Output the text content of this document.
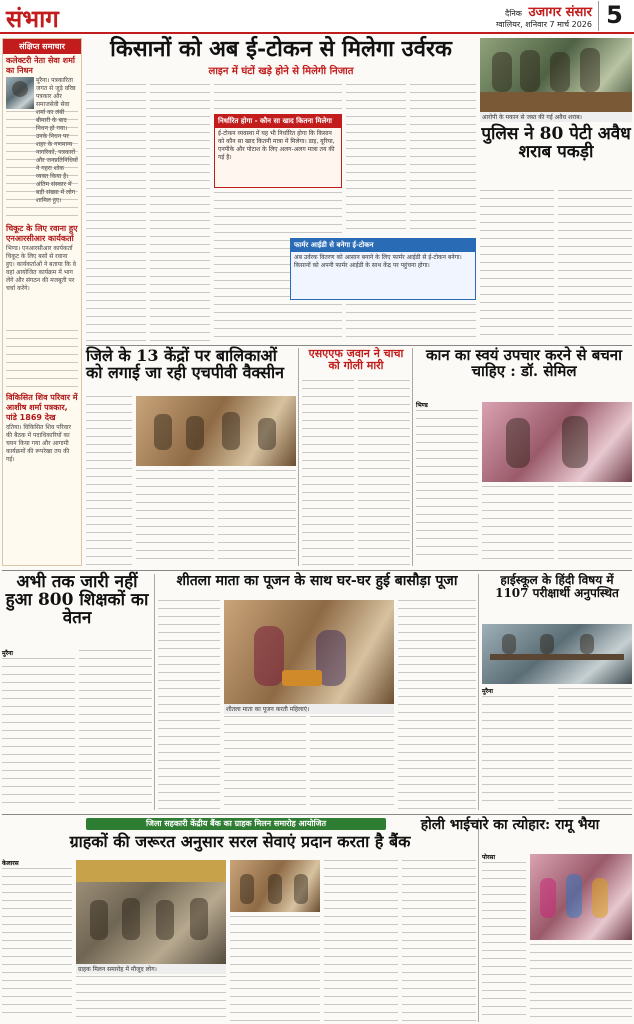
संभाग	दैनिक उजागर संसार
ग्वालियर, शनिवार 7 मार्च 2026 5
संक्षिप्त समाचार
कलेक्टरी नेता सेवा शर्मा का निधन
मुरैना। पत्रकारिता जगत से जुड़े वरिष्ठ पत्रकार और समाजसेवी सेवा शर्मा का लंबी बीमारी के बाद निधन हो गया। उनके निधन पर शहर के गणमान्य नागरिकों, पत्रकारों और जनप्रतिनिधियों ने गहरा शोक व्यक्त किया है। अंतिम संस्कार में बड़ी संख्या में लोग शामिल हुए।
चिकूट के लिए रवाना हुए एनआरसीआर कार्यकर्ता
भिण्ड। एनआरसीआर कार्यकर्ता चिकूट के लिए बसों से रवाना हुए। कार्यकर्ताओं ने बताया कि वे वहां आयोजित कार्यक्रम में भाग लेंगे और संगठन की मजबूती पर चर्चा करेंगे।
विकिसित शिव परिवार में आशीष शर्मा पत्रकार, पांडे 1869 देख
दतिया। विकिसित शिव परिवार की बैठक में पदाधिकारियों का चयन किया गया और आगामी कार्यक्रमों की रूपरेखा तय की गई।
किसानों को अब ई-टोकन से मिलेगा उर्वरक
लाइन में घंटों खड़े होने से मिलेगी निजात
निर्धारित होगा - कौन सा खाद कितना मिलेगा
ई-टोकन व्यवस्था में यह भी निर्धारित होगा कि किसान को कौन सा खाद कितनी मात्रा में मिलेगा। डाइ, यूरिया, एनपीके और पोटाश के लिए अलग-अलग मात्रा तय की गई है।
फार्मर आईडी से बनेगा ई-टोकन
अब उर्वरक वितरण को आसान बनाने के लिए फार्मर आईडी से ई-टोकन बनेगा। किसानों को अपनी फार्मर आईडी के साथ केंद्र पर पहुंचना होगा।
आरोपी के मकान से जब्त की गई अवैध शराब।
पुलिस ने 80 पेटी अवैध शराब पकड़ी
जिले के 13 केंद्रों पर बालिकाओं को लगाई जा रही एचपीवी वैक्सीन
एसएएफ जवान ने चाचा को गोली मारी
कान का स्वयं उपचार करने से बचना चाहिए : डॉ. सेमिल
भिण्ड
अभी तक जारी नहीं हुआ 800 शिक्षकों का वेतन
मुरैना
शीतला माता का पूजन के साथ घर-घर हुई बासौड़ा पूजा
शीतला माता का पूजन करती महिलाएं।
हाईस्कूल के हिंदी विषय में 1107 परीक्षार्थी अनुपस्थित
मुरैना
जिला सहकारी केंद्रीय बैंक का ग्राहक मिलन समारोह आयोजित
ग्राहकों की जरूरत अनुसार सरल सेवाएं प्रदान करता है बैंक
केलारस
ग्राहक मिलन समारोह में मौजूद लोग।
होली भाईचारे का त्योहार: रामू भैया
पोरसा
